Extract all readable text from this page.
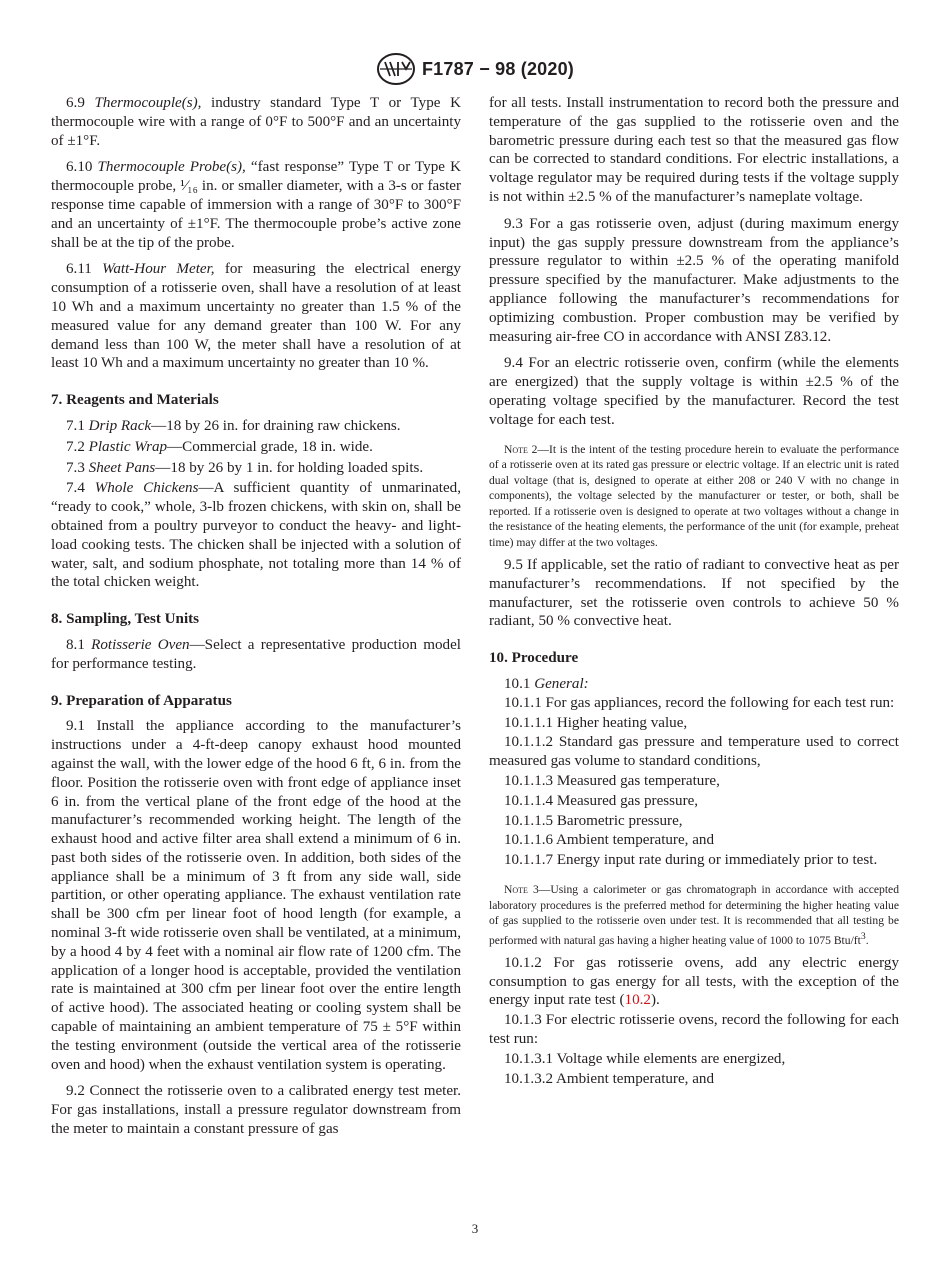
F1787 − 98 (2020)

6.9 Thermocouple(s), industry standard Type T or Type K thermocouple wire with a range of 0°F to 500°F and an uncertainty of ±1°F.

6.10 Thermocouple Probe(s), “fast response” Type T or Type K thermocouple probe, ¹⁄₁₆ in. or smaller diameter, with a 3-s or faster response time capable of immersion with a range of 30°F to 300°F and an uncertainty of ±1°F. The thermocouple probe’s active zone shall be at the tip of the probe.

6.11 Watt-Hour Meter, for measuring the electrical energy consumption of a rotisserie oven, shall have a resolution of at least 10 Wh and a maximum uncertainty no greater than 1.5 % of the measured value for any demand greater than 100 W. For any demand less than 100 W, the meter shall have a resolution of at least 10 Wh and a maximum uncertainty no greater than 10 %.

7. Reagents and Materials

7.1 Drip Rack—18 by 26 in. for draining raw chickens.

7.2 Plastic Wrap—Commercial grade, 18 in. wide.

7.3 Sheet Pans—18 by 26 by 1 in. for holding loaded spits.

7.4 Whole Chickens—A sufficient quantity of unmarinated, “ready to cook,” whole, 3-lb frozen chickens, with skin on, shall be obtained from a poultry purveyor to conduct the heavy- and light-load cooking tests. The chicken shall be injected with a solution of water, salt, and sodium phosphate, not totaling more than 14 % of the total chicken weight.

8. Sampling, Test Units

8.1 Rotisserie Oven—Select a representative production model for performance testing.

9. Preparation of Apparatus

9.1 Install the appliance according to the manufacturer’s instructions under a 4-ft-deep canopy exhaust hood mounted against the wall, with the lower edge of the hood 6 ft, 6 in. from the floor. Position the rotisserie oven with front edge of appliance inset 6 in. from the vertical plane of the front edge of the hood at the manufacturer’s recommended working height. The length of the exhaust hood and active filter area shall extend a minimum of 6 in. past both sides of the rotisserie oven. In addition, both sides of the appliance shall be a minimum of 3 ft from any side wall, side partition, or other operating appliance. The exhaust ventilation rate shall be 300 cfm per linear foot of hood length (for example, a nominal 3-ft wide rotisserie oven shall be ventilated, at a minimum, by a hood 4 by 4 feet with a nominal air flow rate of 1200 cfm. The application of a longer hood is acceptable, provided the ventilation rate is maintained at 300 cfm per linear foot over the entire length of active hood). The associated heating or cooling system shall be capable of maintaining an ambient temperature of 75 ± 5°F within the testing environment (outside the vertical area of the rotisserie oven and hood) when the exhaust ventilation system is operating.

9.2 Connect the rotisserie oven to a calibrated energy test meter. For gas installations, install a pressure regulator downstream from the meter to maintain a constant pressure of gas

for all tests. Install instrumentation to record both the pressure and temperature of the gas supplied to the rotisserie oven and the barometric pressure during each test so that the measured gas flow can be corrected to standard conditions. For electric installations, a voltage regulator may be required during tests if the voltage supply is not within ±2.5 % of the manufacturer’s nameplate voltage.

9.3 For a gas rotisserie oven, adjust (during maximum energy input) the gas supply pressure downstream from the appliance’s pressure regulator to within ±2.5 % of the operating manifold pressure specified by the manufacturer. Make adjustments to the appliance following the manufacturer’s recommendations for optimizing combustion. Proper combustion may be verified by measuring air-free CO in accordance with ANSI Z83.12.

9.4 For an electric rotisserie oven, confirm (while the elements are energized) that the supply voltage is within ±2.5 % of the operating voltage specified by the manufacturer. Record the test voltage for each test.

Note 2—It is the intent of the testing procedure herein to evaluate the performance of a rotisserie oven at its rated gas pressure or electric voltage. If an electric unit is rated dual voltage (that is, designed to operate at either 208 or 240 V with no change in components), the voltage selected by the manufacturer or tester, or both, shall be reported. If a rotisserie oven is designed to operate at two voltages without a change in the resistance of the heating elements, the performance of the unit (for example, preheat time) may differ at the two voltages.

9.5 If applicable, set the ratio of radiant to convective heat as per manufacturer’s recommendations. If not specified by the manufacturer, set the rotisserie oven controls to achieve 50 % radiant, 50 % convective heat.

10. Procedure

10.1 General:

10.1.1 For gas appliances, record the following for each test run:

10.1.1.1 Higher heating value,

10.1.1.2 Standard gas pressure and temperature used to correct measured gas volume to standard conditions,

10.1.1.3 Measured gas temperature,

10.1.1.4 Measured gas pressure,

10.1.1.5 Barometric pressure,

10.1.1.6 Ambient temperature, and

10.1.1.7 Energy input rate during or immediately prior to test.

Note 3—Using a calorimeter or gas chromatograph in accordance with accepted laboratory procedures is the preferred method for determining the higher heating value of gas supplied to the rotisserie oven under test. It is recommended that all testing be performed with natural gas having a higher heating value of 1000 to 1075 Btu/$ft^3$.

10.1.2 For gas rotisserie ovens, add any electric energy consumption to gas energy for all tests, with the exception of the energy input rate test (10.2).

10.1.3 For electric rotisserie ovens, record the following for each test run:

10.1.3.1 Voltage while elements are energized,

10.1.3.2 Ambient temperature, and

3
